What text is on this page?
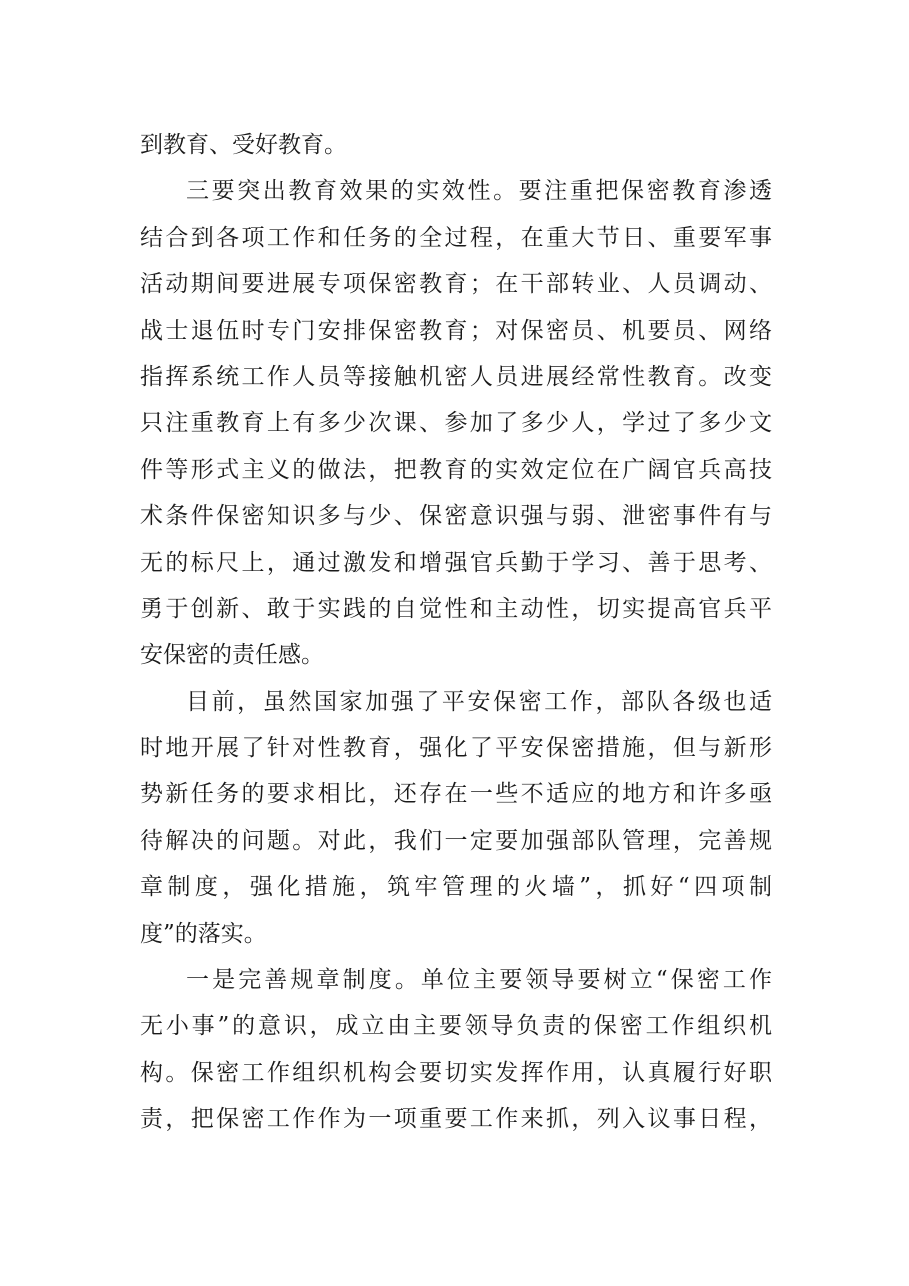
到教育、受好教育。
三要突出教育效果的实效性。要注重把保密教育渗透
结合到各项工作和任务的全过程，在重大节日、重要军事
活动期间要进展专项保密教育；在干部转业、人员调动、
战士退伍时专门安排保密教育；对保密员、机要员、网络
指挥系统工作人员等接触机密人员进展经常性教育。改变
只注重教育上有多少次课、参加了多少人，学过了多少文
件等形式主义的做法，把教育的实效定位在广阔官兵高技
术条件保密知识多与少、保密意识强与弱、泄密事件有与
无的标尺上，通过激发和增强官兵勤于学习、善于思考、
勇于创新、敢于实践的自觉性和主动性，切实提高官兵平
安保密的责任感。
目前，虽然国家加强了平安保密工作，部队各级也适
时地开展了针对性教育，强化了平安保密措施，但与新形
势新任务的要求相比，还存在一些不适应的地方和许多亟
待解决的问题。对此，我们一定要加强部队管理，完善规
章制度，强化措施，筑牢管理的火墙”，抓好“四项制
度”的落实。
一是完善规章制度。单位主要领导要树立“保密工作
无小事”的意识，成立由主要领导负责的保密工作组织机
构。保密工作组织机构会要切实发挥作用，认真履行好职
责，把保密工作作为一项重要工作来抓，列入议事日程，
